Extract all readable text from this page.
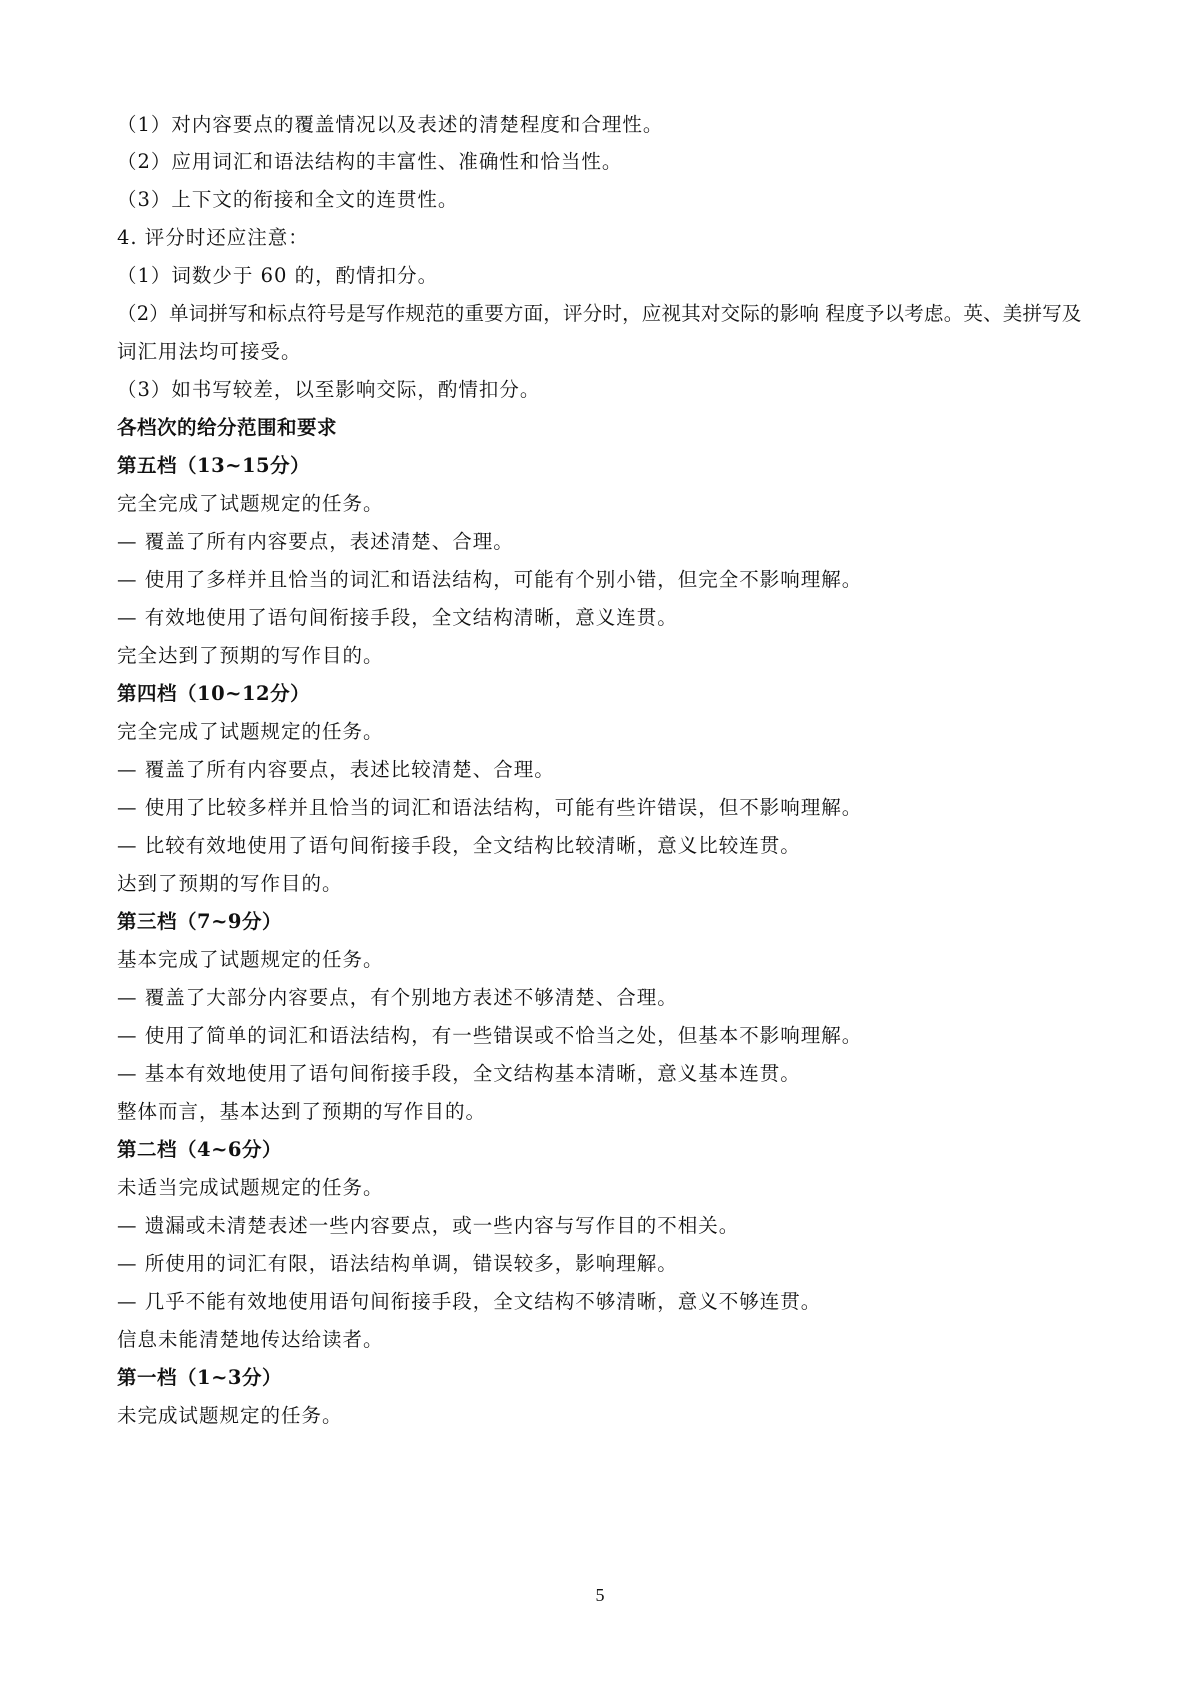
（1）对内容要点的覆盖情况以及表述的清楚程度和合理性。
（2）应用词汇和语法结构的丰富性、准确性和恰当性。
（3）上下文的衔接和全文的连贯性。
4. 评分时还应注意：
（1）词数少于 60 的，酌情扣分。
（2）单词拼写和标点符号是写作规范的重要方面，评分时，应视其对交际的影响 程度予以考虑。英、美拼写及
词汇用法均可接受。
（3）如书写较差，以至影响交际，酌情扣分。
各档次的给分范围和要求
第五档（13~15分）
完全完成了试题规定的任务。
— 覆盖了所有内容要点，表述清楚、合理。
— 使用了多样并且恰当的词汇和语法结构，可能有个别小错，但完全不影响理解。
— 有效地使用了语句间衔接手段，全文结构清晰，意义连贯。
完全达到了预期的写作目的。
第四档（10~12分）
完全完成了试题规定的任务。
— 覆盖了所有内容要点，表述比较清楚、合理。
— 使用了比较多样并且恰当的词汇和语法结构，可能有些许错误，但不影响理解。
— 比较有效地使用了语句间衔接手段，全文结构比较清晰，意义比较连贯。
达到了预期的写作目的。
第三档（7~9分）
基本完成了试题规定的任务。
— 覆盖了大部分内容要点，有个别地方表述不够清楚、合理。
— 使用了简单的词汇和语法结构，有一些错误或不恰当之处，但基本不影响理解。
— 基本有效地使用了语句间衔接手段，全文结构基本清晰，意义基本连贯。
整体而言，基本达到了预期的写作目的。
第二档（4~6分）
未适当完成试题规定的任务。
— 遗漏或未清楚表述一些内容要点，或一些内容与写作目的不相关。
— 所使用的词汇有限，语法结构单调，错误较多，影响理解。
— 几乎不能有效地使用语句间衔接手段，全文结构不够清晰，意义不够连贯。
信息未能清楚地传达给读者。
第一档（1~3分）
未完成试题规定的任务。
5
